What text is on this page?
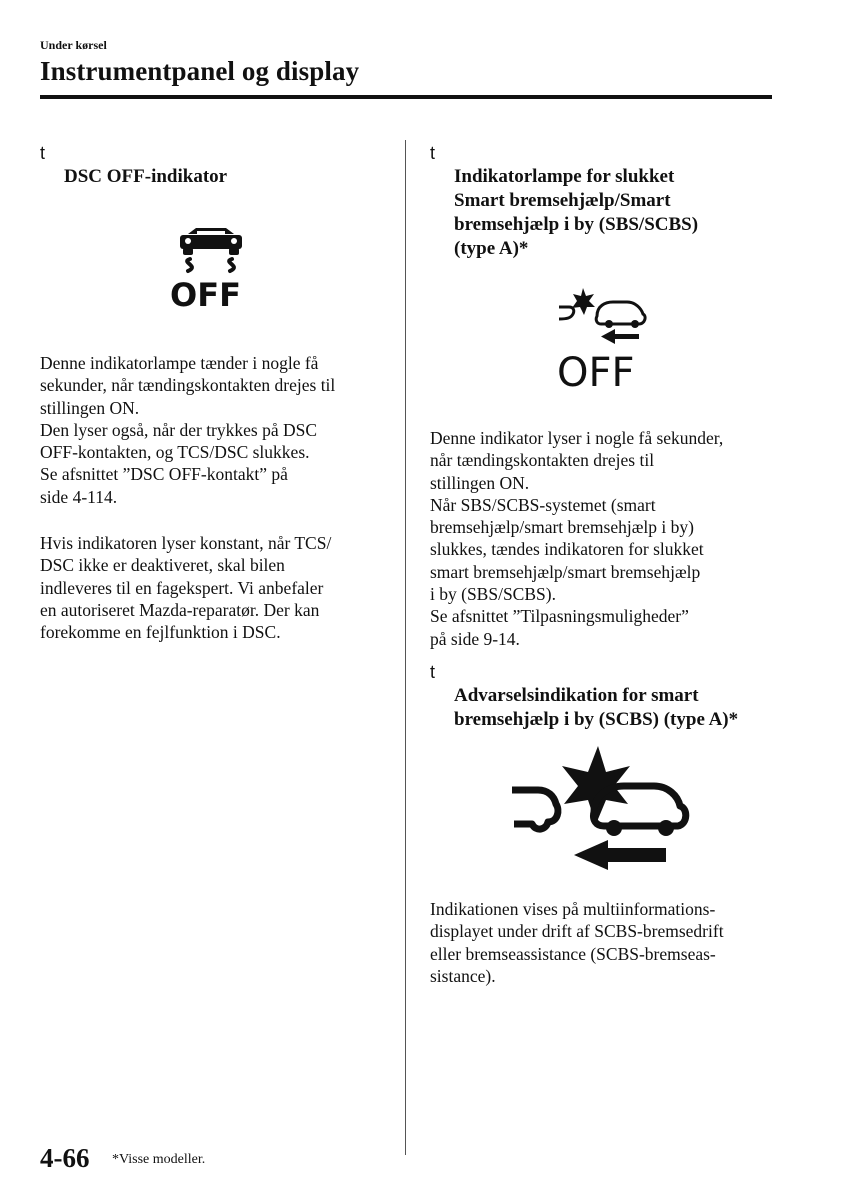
Under kørsel
Instrumentpanel og display

t
DSC OFF-indikator

OFF
Denne indikatorlampe tænder i nogle få
sekunder, når tændingskontakten drejes til
stillingen ON.
Den lyser også, når der trykkes på DSC
OFF-kontakten, og TCS/DSC slukkes.
Se afsnittet ”DSC OFF-kontakt” på
side 4-114.
Hvis indikatoren lyser konstant, når TCS/
DSC ikke er deaktiveret, skal bilen
indleveres til en fagekspert. Vi anbefaler
en autoriseret Mazda-reparatør. Der kan
forekomme en fejlfunktion i DSC.

t
Indikatorlampe for slukket
Smart bremsehjælp/Smart
bremsehjælp i by (SBS/SCBS)
(type A)*

OFF
Denne indikator lyser i nogle få sekunder,
når tændingskontakten drejes til
stillingen ON.
Når SBS/SCBS-systemet (smart
bremsehjælp/smart bremsehjælp i by)
slukkes, tændes indikatoren for slukket
smart bremsehjælp/smart bremsehjælp
i by (SBS/SCBS).
Se afsnittet ”Tilpasningsmuligheder”
på side 9-14.

t
Advarselsindikation for smart
bremsehjælp i by (SCBS) (type A)*

Indikationen vises på multiinformations-
displayet under drift af SCBS-bremsedrift
eller bremseassistance (SCBS-bremseas-
sistance).
4-66 *Visse modeller.
